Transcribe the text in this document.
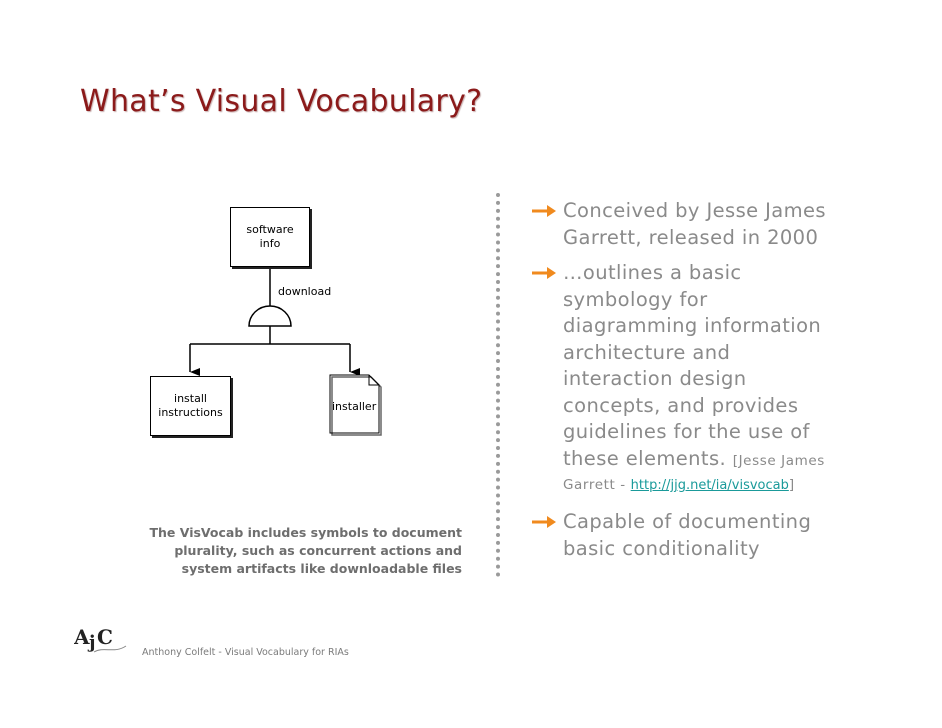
What’s Visual Vocabulary?
software
info
download
install
instructions	installer
The VisVocab includes symbols to document
plurality, such as concurrent actions and
system artifacts like downloadable files
Conceived by Jesse James
Garrett, released in 2000
…outlines a basic
symbology for
diagramming information
architecture and
interaction design
concepts, and provides
guidelines for the use of
these elements. [Jesse James
Garrett - http://jjg.net/ia/visvocab]
Capable of documenting
basic conditionality
A j C
Anthony Colfelt - Visual Vocabulary for RIAs
